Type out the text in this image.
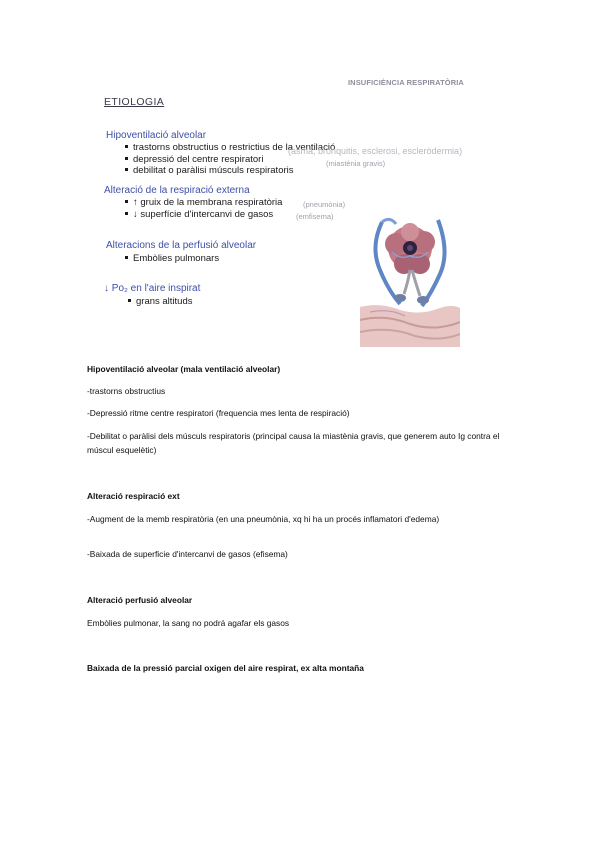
INSUFICIÈNCIA RESPIRATÒRIA
ETIOLOGIA
Hipoventilació alveolar
trastorns obstructius o restrictius de la ventilació
(asma, bronquitis, esclerosi, escleròdermia)
depressió del centre respiratori	(miastènia gravis)
debilitat o paràlisi músculs respiratoris
Alteració de la respiració externa
↑ gruix de la membrana respiratòria	(pneumònia)
↓ superfície d'intercanvi de gasos	(emfisema)
Alteracions de la perfusió alveolar
Embòlies pulmonars
↓ Po₂ en l'aire inspirat
grans altituds
Hipoventilació alveolar (mala ventilació alveolar)
-trastorns obstructius
-Depressió ritme centre respiratori (frequencia mes lenta de respiració)
-Debilitat o paràlisi dels músculs respiratoris (principal causa la miastènia gravis, que generem auto Ig contra el múscul esquelètic)
Alteració respiració ext
-Augment de la memb respiratòria (en una pneumònia, xq hi ha un procés inflamatori d'edema)
-Baixada de superficie d'intercanvi de gasos (efisema)
Alteració perfusió alveolar
Embòlies pulmonar, la sang no podrá agafar els gasos
Baixada de la pressió parcial oxigen del aire respirat, ex alta montaña
